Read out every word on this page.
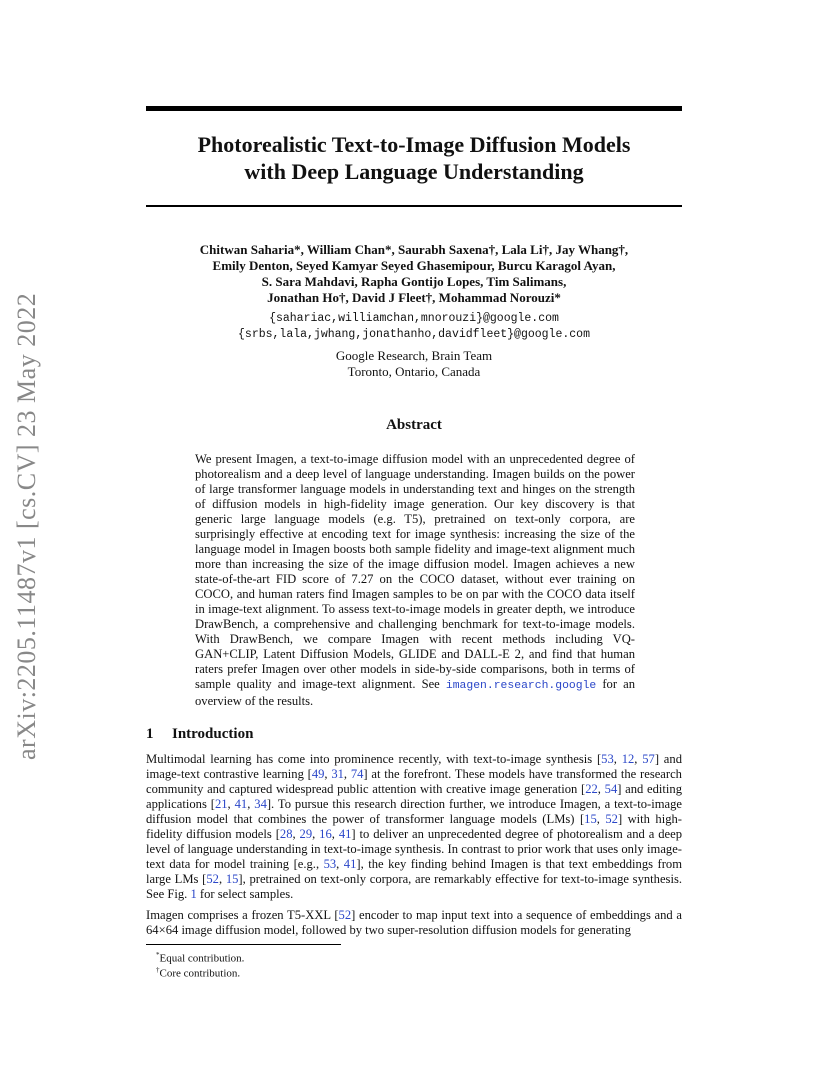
arXiv:2205.11487v1 [cs.CV] 23 May 2022
Photorealistic Text-to-Image Diffusion Models
with Deep Language Understanding
Chitwan Saharia*, William Chan*, Saurabh Saxena†, Lala Li†, Jay Whang†,
Emily Denton, Seyed Kamyar Seyed Ghasemipour, Burcu Karagol Ayan,
S. Sara Mahdavi, Rapha Gontijo Lopes, Tim Salimans,
Jonathan Ho†, David J Fleet†, Mohammad Norouzi*
{sahariac,williamchan,mnorouzi}@google.com
{srbs,lala,jwhang,jonathanho,davidfleet}@google.com
Google Research, Brain Team
Toronto, Ontario, Canada
Abstract
We present Imagen, a text-to-image diffusion model with an unprecedented degree of photorealism and a deep level of language understanding. Imagen builds on the power of large transformer language models in understanding text and hinges on the strength of diffusion models in high-fidelity image generation. Our key discovery is that generic large language models (e.g. T5), pretrained on text-only corpora, are surprisingly effective at encoding text for image synthesis: increasing the size of the language model in Imagen boosts both sample fidelity and image-text alignment much more than increasing the size of the image diffusion model. Imagen achieves a new state-of-the-art FID score of 7.27 on the COCO dataset, without ever training on COCO, and human raters find Imagen samples to be on par with the COCO data itself in image-text alignment. To assess text-to-image models in greater depth, we introduce DrawBench, a comprehensive and challenging benchmark for text-to-image models. With DrawBench, we compare Imagen with recent methods including VQ-GAN+CLIP, Latent Diffusion Models, GLIDE and DALL-E 2, and find that human raters prefer Imagen over other models in side-by-side comparisons, both in terms of sample quality and image-text alignment. See imagen.research.google for an overview of the results.
1 Introduction
Multimodal learning has come into prominence recently, with text-to-image synthesis [53, 12, 57] and image-text contrastive learning [49, 31, 74] at the forefront. These models have transformed the research community and captured widespread public attention with creative image generation [22, 54] and editing applications [21, 41, 34]. To pursue this research direction further, we introduce Imagen, a text-to-image diffusion model that combines the power of transformer language models (LMs) [15, 52] with high-fidelity diffusion models [28, 29, 16, 41] to deliver an unprecedented degree of photorealism and a deep level of language understanding in text-to-image synthesis. In contrast to prior work that uses only image-text data for model training [e.g., 53, 41], the key finding behind Imagen is that text embeddings from large LMs [52, 15], pretrained on text-only corpora, are remarkably effective for text-to-image synthesis. See Fig. 1 for select samples.
Imagen comprises a frozen T5-XXL [52] encoder to map input text into a sequence of embeddings and a 64×64 image diffusion model, followed by two super-resolution diffusion models for generating
*Equal contribution.
†Core contribution.
